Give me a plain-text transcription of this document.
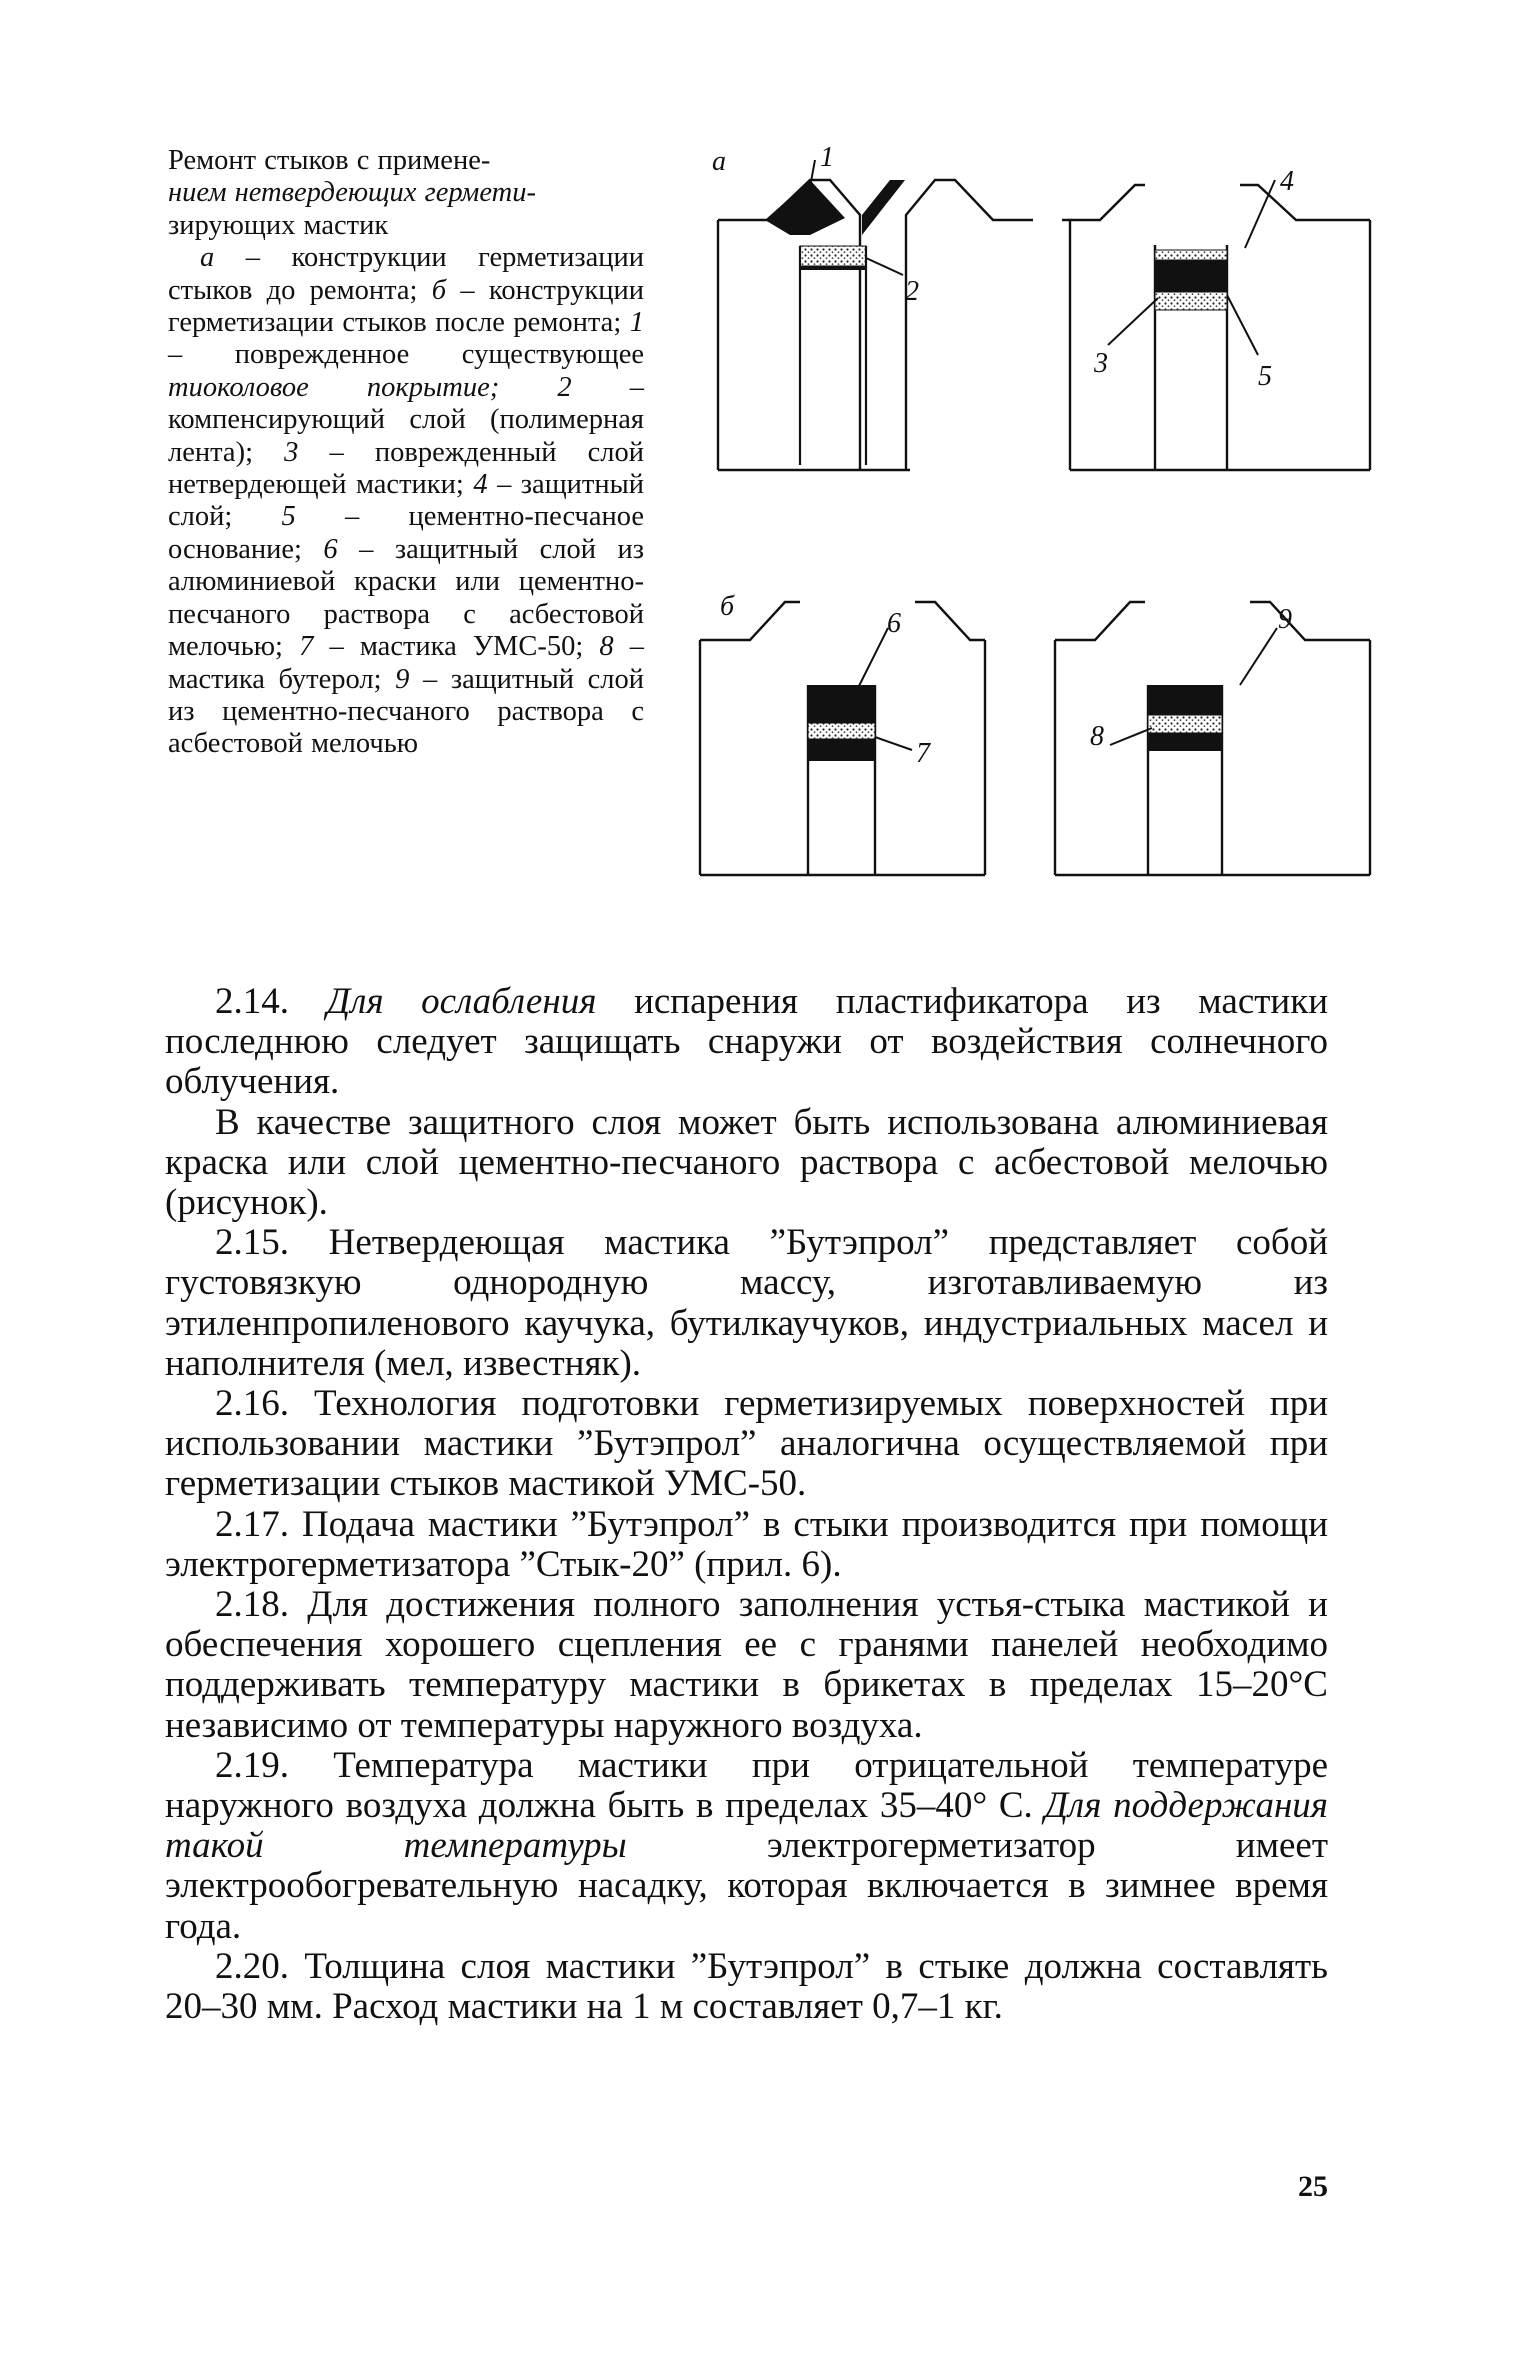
Ремонт стыков с примене-
нием нетвердеющих гермети-
зирующих мастик

а – конструкции герметизации стыков до ремонта; б – конструкции герметизации стыков после ремонта; 1 – поврежденное существующее тиоколовое покрытие; 2 – компенсирующий слой (полимерная лента); 3 – поврежденный слой нетвердеющей мастики; 4 – защитный слой; 5 – цементно-песчаное основание; 6 – защитный слой из алюминиевой краски или цементно-песчаного раствора с асбестовой мелочью; 7 – мастика УМС-50; 8 – мастика бутерол; 9 – защитный слой из цементно-песчаного раствора с асбестовой мелочью

а	1
2
4
3	5
б
6
7
8
9

2.14. Для ослабления испарения пластификатора из мастики последнюю следует защищать снаружи от воздействия солнечного облучения.

В качестве защитного слоя может быть использована алюминиевая краска или слой цементно-песчаного раствора с асбестовой мелочью (рисунок).

2.15. Нетвердеющая мастика ”Бутэпрол” представляет собой густовязкую однородную массу, изготавливаемую из этиленпропиленового каучука, бутилкаучуков, индустриальных масел и наполнителя (мел, известняк).

2.16. Технология подготовки герметизируемых поверхностей при использовании мастики ”Бутэпрол” аналогична осуществляемой при герметизации стыков мастикой УМС-50.

2.17. Подача мастики ”Бутэпрол” в стыки производится при помощи электрогерметизатора ”Стык-20” (прил. 6).

2.18. Для достижения полного заполнения устья-стыка мастикой и обеспечения хорошего сцепления ее с гранями панелей необходимо поддерживать температуру мастики в брикетах в пределах 15–20°С независимо от температуры наружного воздуха.

2.19. Температура мастики при отрицательной температуре наружного воздуха должна быть в пределах 35–40° С. Для поддержания такой температуры	электрогерметизатор имеет электрообогревательную насадку, которая включается в зимнее время года.

2.20. Толщина слоя мастики ”Бутэпрол” в стыке должна составлять 20–30 мм. Расход мастики на 1 м составляет 0,7–1 кг.

25
